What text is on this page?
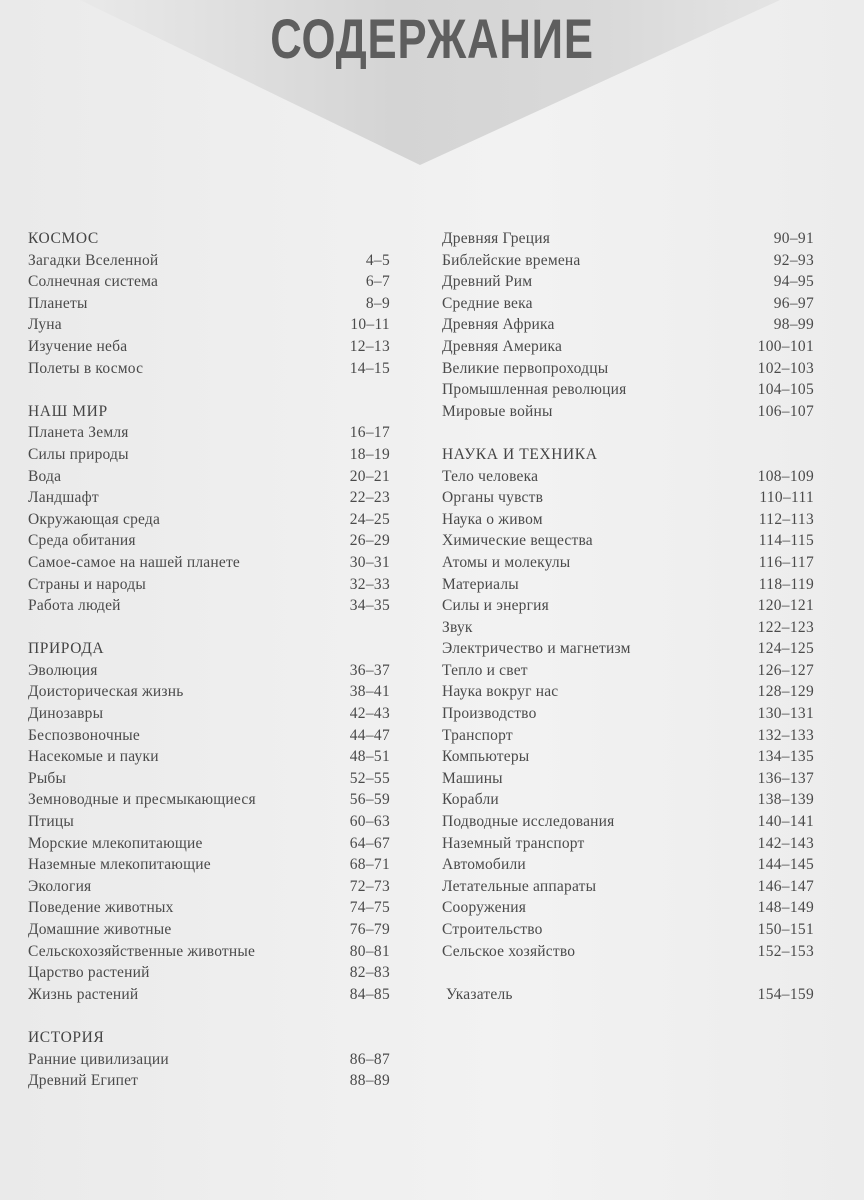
СОДЕРЖАНИЕ
КОСМОС
Загадки Вселенной	4–5
Солнечная система	6–7
Планеты	8–9
Луна	10–11
Изучение неба	12–13
Полеты в космос	14–15
НАШ МИР
Планета Земля	16–17
Силы природы	18–19
Вода	20–21
Ландшафт	22–23
Окружающая среда	24–25
Среда обитания	26–29
Самое-самое на нашей планете	30–31
Страны и народы	32–33
Работа людей	34–35
ПРИРОДА
Эволюция	36–37
Доисторическая жизнь	38–41
Динозавры	42–43
Беспозвоночные	44–47
Насекомые и пауки	48–51
Рыбы	52–55
Земноводные и пресмыкающиеся	56–59
Птицы	60–63
Морские млекопитающие	64–67
Наземные млекопитающие	68–71
Экология	72–73
Поведение животных	74–75
Домашние животные	76–79
Сельскохозяйственные животные	80–81
Царство растений	82–83
Жизнь растений	84–85
ИСТОРИЯ
Ранние цивилизации	86–87
Древний Египет	88–89
Древняя Греция	90–91
Библейские времена	92–93
Древний Рим	94–95
Средние века	96–97
Древняя Африка	98–99
Древняя Америка	100–101
Великие первопроходцы	102–103
Промышленная революция	104–105
Мировые войны	106–107
НАУКА И ТЕХНИКА
Тело человека	108–109
Органы чувств	110–111
Наука о живом	112–113
Химические вещества	114–115
Атомы и молекулы	116–117
Материалы	118–119
Силы и энергия	120–121
Звук	122–123
Электричество и магнетизм	124–125
Тепло и свет	126–127
Наука вокруг нас	128–129
Производство	130–131
Транспорт	132–133
Компьютеры	134–135
Машины	136–137
Корабли	138–139
Подводные исследования	140–141
Наземный транспорт	142–143
Автомобили	144–145
Летательные аппараты	146–147
Сооружения	148–149
Строительство	150–151
Сельское хозяйство	152–153
Указатель	154–159
